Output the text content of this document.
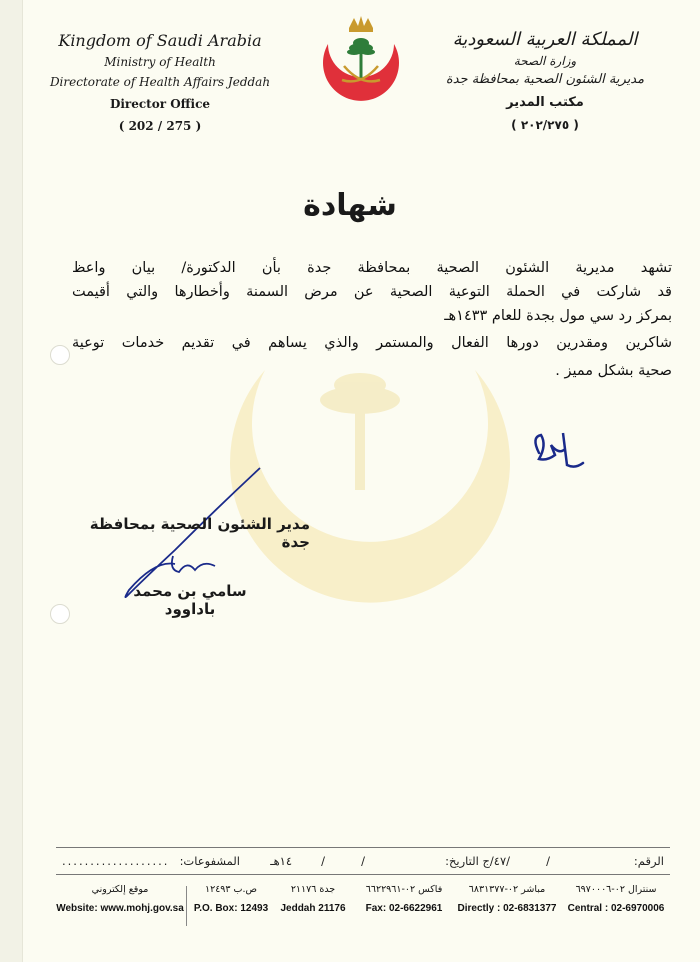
Kingdom of Saudi Arabia
Ministry of Health
Directorate of Health Affairs Jeddah
Director Office
( 202 / 275 )
المملكة العربية السعودية
وزارة الصحة
مديرية الشئون الصحية بمحافظة جدة
مكتب المدير
( ٢٠٢/٢٧٥ )
شهادة
تشهد مديرية الشئون الصحية بمحافظة جدة بأن الدكتورة/ بيان واعظ
قد شاركت في الحملة التوعية الصحية عن مرض السمنة وأخطارها والتي أقيمت
بمركز رد سي مول بجدة للعام ١٤٣٣هـ
شاكرين ومقدرين دورها الفعال والمستمر والذي يساهم في تقديم خدمات توعية
صحية بشكل مميز .
مدير الشئون الصحية بمحافظة جدة
سامي بن محمد باداوود
الرقم:
/
/٤٧/ج التاريخ:
/
/
١٤هـ
المشفوعات:
...................
موقع إلكتروني
Website: www.mohj.gov.sa
ص.ب ١٢٤٩٣
P.O. Box: 12493
جدة ٢١١٧٦
Jeddah 21176
فاكس ٠٢-٦٦٢٢٩٦١
Fax: 02-6622961
مباشر ٠٢-٦٨٣١٣٧٧
Directly : 02-6831377
سنترال ٠٢-٦٩٧٠٠٠٦
Central : 02-6970006
